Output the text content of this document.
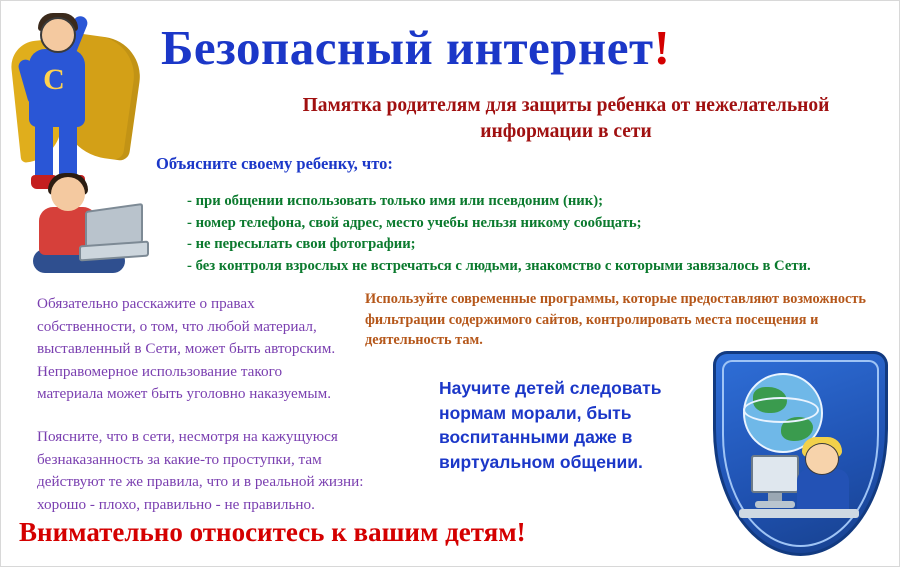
C
Безопасный интернет!
Памятка родителям для защиты ребенка от нежелательной информации в сети
Объясните своему ребенку, что:
- при общении использовать только имя или псевдоним (ник);
- номер телефона, свой адрес, место учебы нельзя никому сообщать;
- не пересылать свои фотографии;
- без контроля взрослых не встречаться с людьми, знакомство с которыми завязалось в Сети.
Обязательно расскажите о правах собственности, о том, что любой материал, выставленный в Сети, может быть авторским. Неправомерное использование такого материала может быть уголовно наказуемым.
Поясните, что в сети, несмотря на кажущуюся безнаказанность за какие-то проступки, там действуют те же правила, что и в реальной жизни: хорошо - плохо, правильно - не правильно.
Используйте современные программы, которые предоставляют возможность фильтрации содержимого сайтов, контролировать места посещения и деятельность там.
Научите детей следовать нормам морали, быть воспитанными даже в виртуальном общении.
Внимательно относитесь к вашим детям!
